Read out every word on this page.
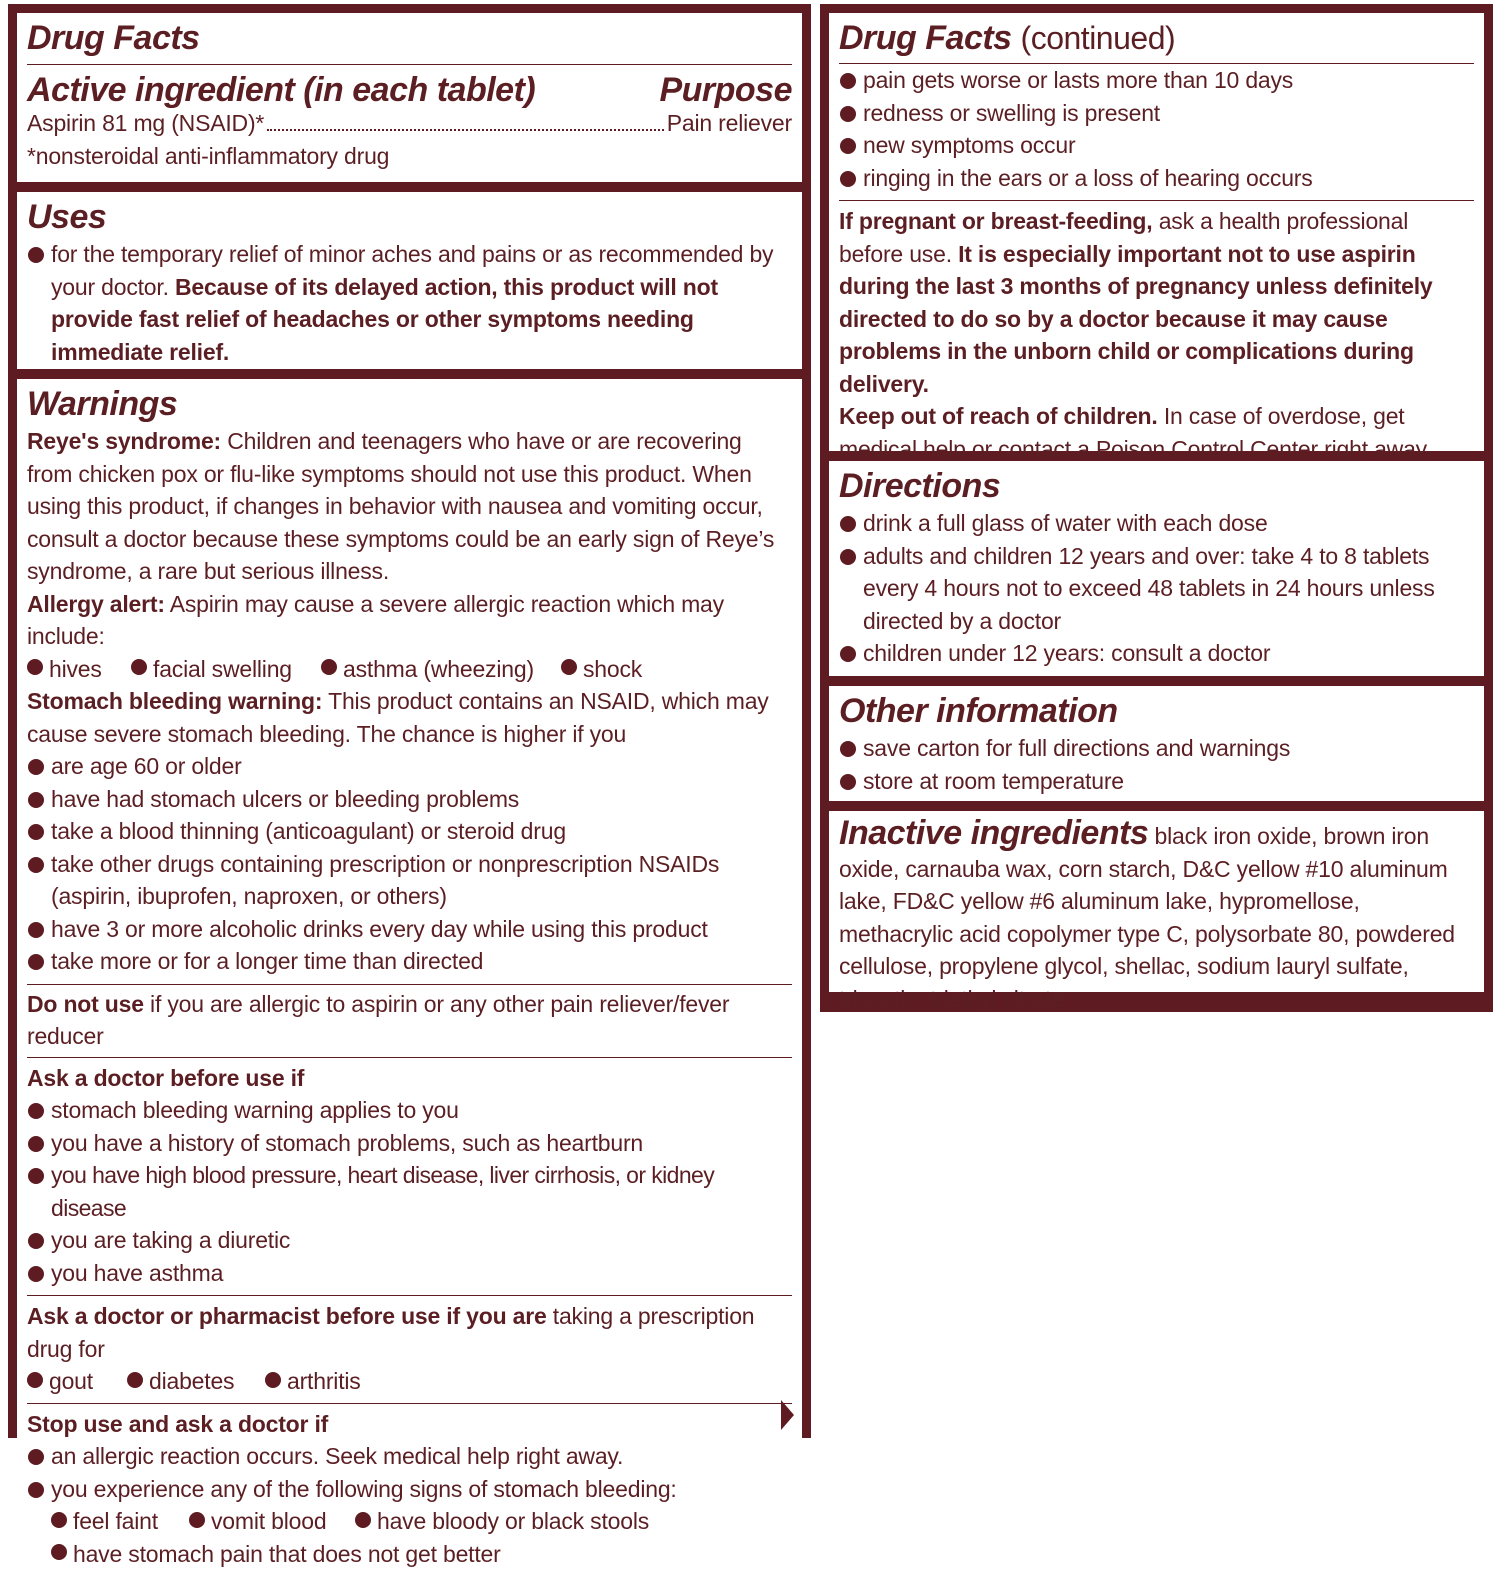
Drug Facts
Active ingredient (in each tablet)	Purpose
Aspirin 81 mg (NSAID)*	Pain reliever
*nonsteroidal anti-inflammatory drug
Uses
for the temporary relief of minor aches and pains or as recommended by your doctor. Because of its delayed action, this product will not provide fast relief of headaches or other symptoms needing immediate relief.
Warnings
Reye's syndrome: Children and teenagers who have or are recovering from chicken pox or flu-like symptoms should not use this product. When using this product, if changes in behavior with nausea and vomiting occur, consult a doctor because these symptoms could be an early sign of Reye’s syndrome, a rare but serious illness.
Allergy alert: Aspirin may cause a severe allergic reaction which may include:
hives facial swelling asthma (wheezing) shock
Stomach bleeding warning: This product contains an NSAID, which may cause severe stomach bleeding. The chance is higher if you
are age 60 or older
have had stomach ulcers or bleeding problems
take a blood thinning (anticoagulant) or steroid drug
take other drugs containing prescription or nonprescription NSAIDs (aspirin, ibuprofen, naproxen, or others)
have 3 or more alcoholic drinks every day while using this product
take more or for a longer time than directed
Do not use if you are allergic to aspirin or any other pain reliever/fever reducer
Ask a doctor before use if
stomach bleeding warning applies to you
you have a history of stomach problems, such as heartburn
you have high blood pressure, heart disease, liver cirrhosis, or kidney disease
you are taking a diuretic
you have asthma
Ask a doctor or pharmacist before use if you are taking a prescription drug for
gout diabetes arthritis
Stop use and ask a doctor if
an allergic reaction occurs. Seek medical help right away.
you experience any of the following signs of stomach bleeding:
feel faint vomit blood have bloody or black stools
have stomach pain that does not get better
Drug Facts (continued)
pain gets worse or lasts more than 10 days
redness or swelling is present
new symptoms occur
ringing in the ears or a loss of hearing occurs
If pregnant or breast-feeding, ask a health professional before use. It is especially important not to use aspirin during the last 3 months of pregnancy unless definitely directed to do so by a doctor because it may cause problems in the unborn child or complications during delivery.
Keep out of reach of children. In case of overdose, get medical help or contact a Poison Control Center right away.
Directions
drink a full glass of water with each dose
adults and children 12 years and over: take 4 to 8 tablets every 4 hours not to exceed 48 tablets in 24 hours unless directed by a doctor
children under 12 years: consult a doctor
Other information
save carton for full directions and warnings
store at room temperature
Inactive ingredients black iron oxide, brown iron oxide, carnauba wax, corn starch, D&C yellow #10 aluminum lake, FD&C yellow #6 aluminum lake, hypromellose, methacrylic acid copolymer type C, polysorbate 80, powdered cellulose, propylene glycol, shellac, sodium lauryl sulfate, triacetin, triethyl citrate
